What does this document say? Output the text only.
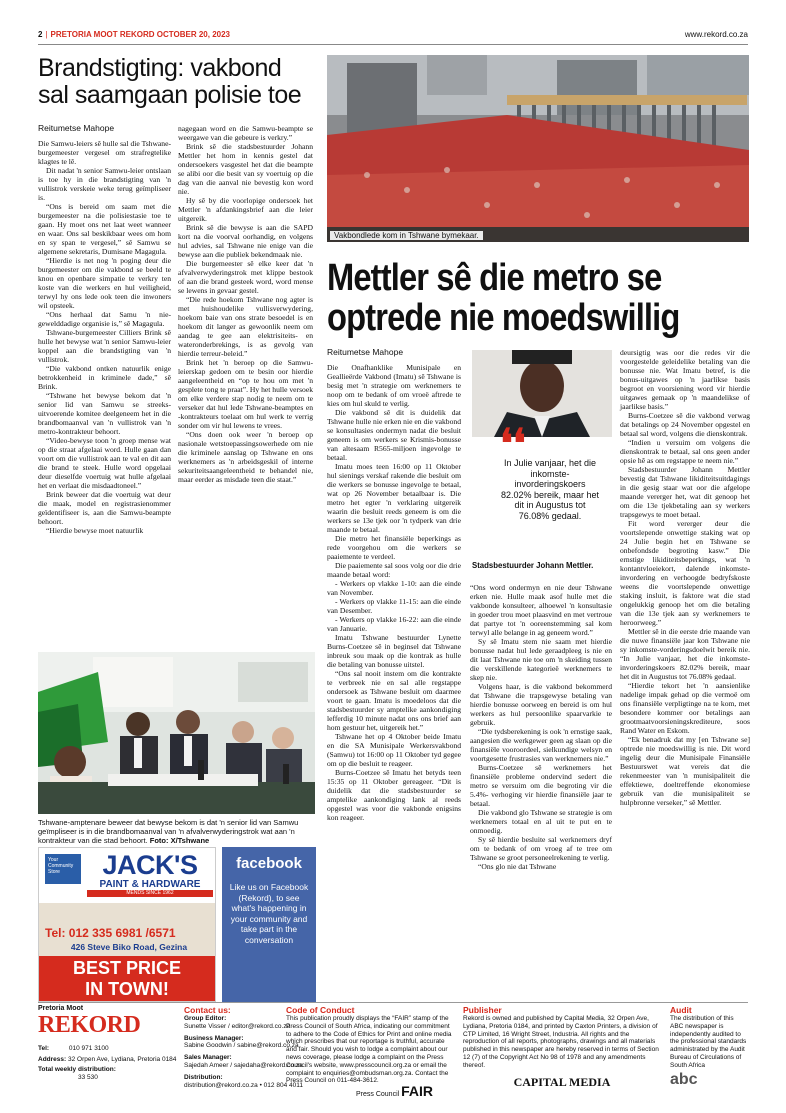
2 | PRETORIA MOOT REKORD OCTOBER 20, 2023	www.rekord.co.za
Brandstigting: vakbond sal saamgaan polisie toe
Reitumetse Mahope

Die Samwu-leiers sê hulle sal die Tshwane-burgemeester vergesel om strafregtelike klagtes te lê.

Dit nadat 'n senior Samwu-leier ontslaan is toe hy in die brandstigting van 'n vullistrok verskeie weke terug geïmpliseer is.

“Ons is bereid om saam met die burgemeester na die polisiestasie toe te gaan. Hy moet ons net laat weet wanneer en waar. Ons sal beskikbaar wees om hom en sy span te vergesel,” sê Samwu se algemene sekretaris, Dumisane Magagula.

“Hierdie is net nog 'n poging deur die burgemeester om die vakbond se beeld te knou en openbare simpatie te verkry ten koste van die werkers en hul veiligheid, terwyl hy ons lede ook teen die inwoners wil opsteek.

“Ons herhaal dat Samu 'n nie-gewelddadige organisie is,” sê Magagula.

Tshwane-burgemeester Cilliers Brink sê hulle het bewyse wat 'n senior Samwu-leier koppel aan die brandstigting van 'n vullistrok.

“Die vakbond ontken natuurlik enige betrokkenheid in kriminele dade,” sê Brink.

“Tshwane het bewyse bekom dat 'n senior lid van Samwu se streeks-uitvoerende komitee deelgeneem het in die brandbomaanval van 'n vullistrok van 'n metro-kontrakteur behoort.

“Video-bewyse toon 'n groep mense wat op die straat afgelaai word. Hulle gaan dan voort om die vullistrok aan te val en dit aan die brand te steek. Hulle word opgelaai deur dieselfde voertuig wat hulle afgelaai het en verlaat die misdaadtoneel.”

Brink beweer dat die voertuig wat deur die maak, model en registrasienommer geïdentifiseer is, aan die Samwu-beampte behoort.

“Hierdie bewyse moet natuurlik

nagegaan word en die Samwu-beampte se weergawe van die gebeure is verkry.”

Brink sê die stadsbestuurder Johann Mettler het hom in kennis gestel dat ondersoekers vasgestel het dat die beampte se alibi oor die besit van sy voertuig op die dag van die aanval nie bevestig kon word nie.

Hy sê by die voorlopige ondersoek het Mettler 'n afdankingsbrief aan die leier uitgereik.

Brink sê die bewyse is aan die SAPD kort na die voorval oorhandig, en volgens hul advies, sal Tshwane nie enige van die bewyse aan die publiek bekendmaak nie.

Die burgemeester sê elke keer dat 'n afvalverwyderingstrok met klippe bestook of aan die brand gesteek word, word mense se lewens in gevaar gestel.

“Die rede hoekom Tshwane nog agter is met huishoudelike vullisverwydering, hoekom baie van ons strate besoedel is en hoekom dit langer as gewoonlik neem om aandag te gee aan elektrisiteits- en wateronderbrekings, is as gevolg van hierdie terreur-beleid.”

Brink het 'n beroep op die Samwu-leierskap gedoen om te besin oor hierdie aangeleentheid en “op te hou om met 'n gesplete tong te praat”. Hy het hulle versoek om elke verdere stap nodig te neem om te verseker dat hul lede Tshwane-beamptes en -kontrakteurs toelaat om hul werk te verrig sonder om vir hul lewens te vrees.

“Ons doen ook weer 'n beroep op nasionale wetstoepassingsowerhede om nie die kriminele aanslag op Tshwane en ons werknemers as 'n arbeidsgeskil of interne sekuriteitsaangeleentheid te behandel nie, maar eerder as misdade teen die staat.”

Tshwane-amptenare beweer dat bewyse bekom is dat 'n senior lid van Samwu geïmpliseer is in die brandbomaanval van 'n afvalverwyderingstrok wat aan 'n kontrakteur van die stad behoort. Foto: X/Tshwane
Your Community Store	JACK'S
PAINT & HARDWARE
MENDS SINCE 1962
Tel: 012 335 6981 /6571
426 Steve Biko Road, Gezina
BEST PRICE
IN TOWN!
facebook
Like us on Facebook (Rekord), to see what's happening in your community and take part in the conversation
Vakbondlede kom in Tshwane bymekaar.
Mettler sê die metro se
optrede nie moedswillig
Reitumetse Mahope

Die Onafhanklike Munisipale en Geallieërde Vakbond (Imatu) sê Tshwane is besig met 'n strategie om werknemers te noop om te bedank of om vroeë aftrede te kies om hul skuld te verlig.

Die vakbond sê dit is duidelik dat Tshwane hulle nie erken nie en die vakbond se konsultasies ondermyn nadat die besluit geneem is om werkers se Krismis-bonusse van altesaam R565-miljoen ingevolge te betaal.

Imatu moes teen 16:00 op 11 Oktober hul sienings verskaf rakende die besluit om die werkers se bonusse ingevolge te betaal, wat op 26 November betaalbaar is. Die metro het egter 'n verklaring uitgereik waarin die besluit reeds geneem is om die werkers se 13e tjek oor 'n tydperk van drie maande te betaal.

Die metro het finansiële beperkings as rede voorgehou om die werkers se paaiemente te verdeel.

Die paaiemente sal soos volg oor die drie maande betaal word:

- Werkers op vlakke 1-10: aan die einde van November.

- Werkers op vlakke 11-15: aan die einde van Desember.

- Werkers op vlakke 16-22: aan die einde van Januarie.

Imatu Tshwane bestuurder Lynette Burns-Coetzee sê in beginsel dat Tshwane inbreuk sou maak op die kontrak as hulle die betaling van bonusse uitstel.

“Ons sal nooit instem om die kontrakte te verbreek nie en sal alle regstappe ondersoek as Tshwane besluit om daarmee voort te gaan. Imatu is moedeloos dat die stadsbestuurder sy amptelike aankondiging lefferdig 10 minute nadat ons ons brief aan hom gestuur het, uitgereik het.”

Tshwane het op 4 Oktober beide Imatu en die SA Munisipale Werkersvakbond (Samwu) tot 16:00 op 11 Oktober tyd gegee om op die besluit te reageer.

Burns-Coetzee sê Imatu het betyds teen 15:35 op 11 Oktober gereageer. “Dit is duidelik dat die stadsbestuurder se amptelike aankondiging lank al reeds opgestel was voor die vakbonde enigsins kon reageer.

❛❛
In Julie vanjaar, het die inkomste-invorderingskoers 82.02% bereik, maar het dit in Augustus tot 76.08% gedaal.
Stadsbestuurder Johann Mettler.

“Ons word ondermyn en nie deur Tshwane erken nie. Hulle maak asof hulle met die vakbonde konsulteer, alhoewel 'n konsultasie in goeder trou moet plaasvind en met vertroue dat partye tot 'n ooreenstemming sal kom terwyl alle belange in ag geneem word.”

Sy sê Imatu stem nie saam met hierdie bonusse nadat hul lede geraadpleeg is nie en dit laat Tshwane nie toe om 'n skeiding tussen die verskillende kategorieë werknemers te skep nie.

Volgens haar, is die vakbond bekommerd dat Tshwane die trapsgewyse betaling van hierdie bonusse oorweeg en bereid is om hul werkers as hul persoonlike spaarvarkie te gebruik.

“Die tydsberekening is ook 'n ernstige saak, aangesien die werkgewer geen ag slaan op die finansiële vooroordeel, sielkundige welsyn en voortgesette frustrasies van werknemers nie.”

Burns-Coetzee sê werknemers het finansiële probleme ondervind sedert die metro se versuim om die begroting vir die 5.4%- verhoging vir hierdie finansiële jaar te betaal.

Die vakbond glo Tshwane se strategie is om werknemers totaal en al uit te put en te onmoedig.

Sy sê hierdie besluite sal werknemers dryf om te bedank of om vroeg af te tree om Tshwane se groot personeelrekening te verlig.

“Ons glo nie dat Tshwane

deursigtig was oor die redes vir die voorgestelde geleidelike betaling van die bonusse nie. Wat Imatu betref, is die bonus-uitgawes op 'n jaarlikse basis begroot en voorsiening word vir hierdie uitgawes gemaak op 'n maandelikse of jaarlikse basis.”

Burns-Coetzee sê die vakbond verwag dat betalings op 24 November opgestel en betaal sal word, volgens die dienskontrak.

“Indien u versuim om volgens die dienskontrak te betaal, sal ons geen ander opsie hê as om regstappe te neem nie.”

Stadsbestuurder Johann Mettler bevestig dat Tshwane likiditeitsuitdagings in die gesig staar wat oor die afgelope maande vererger het, wat dit genoop het om die 13e tjekbetaling aan sy werkers trapsgewys te moet betaal.

Fit word vererger deur die voortslepende onwettige staking wat op 24 Julie begin het en Tshwane se onbefondsde begroting kasw.” Die ernstige likiditeitsbeperkings, wat 'n kontantvloeiekort, dalende inkomste-invordering en verhoogde bedryfskoste weens die voortslepende onwettige staking insluit, is faktore wat die stad ongelukkig genoop het om die betaling van die 13e tjek aan sy werknemers te heroorweeg.”

Mettler sê in die eerste drie maande van die nuwe finansiële jaar kon Tshwane nie sy inkomste-vorderingsdoelwit bereik nie. “In Julie vanjaar, het die inkomste-invorderingskoers 82.02% bereik, maar het dit in Augustus tot 76.08% gedaal.

“Hierdie tekort het 'n aansienlike nadelige impak gehad op die vermoë om ons finansiële verpligtinge na te kom, met besondere kommer oor betalings aan grootmaatvoorsieningskrediteure, soos Rand Water en Eskom.

“Ek benadruk dat my [en Tshwane se] optrede nie moedswillig is nie. Dit word ingelig deur die Munisipale Finansiële Bestuurswet wat vereis dat die rekenmeester van 'n munisipaliteit die effektiewe, doeltreffende ekonomiese gebruik van die munisipaliteit se hulpbronne verseker,” sê Mettler.

Pretoria Moot
REKORD
Tel:	010 971 3100
Address: 32 Orpen Ave, Lydiana, Pretoria 0184
Total weekly distribution:
33 530
Contact us:
Group Editor:
Sunette Visser / editor@rekord.co.za
Business Manager:
Sabine Goodwin / sabine@rekord.co.za
Sales Manager:
Sajedah Ameer / sajedaha@rekord.co.za
Distribution:
distribution@rekord.co.za • 012 804 4011
Code of Conduct
This publication proudly displays the “FAIR” stamp of the Press Council of South Africa, indicating our commitment to adhere to the Code of Ethics for Print and online media which prescribes that our reportage is truthful, accurate and fair. Should you wish to lodge a complaint about our news coverage, please lodge a complaint on the Press Council's website, www.presscouncil.org.za or email the complaint to enquiries@ombudsman.org.za. Contact the Press Council on 011-484-3612.
Press Council FAIR
Publisher
Rekord is owned and published by Capital Media, 32 Orpen Ave, Lydiana, Pretoria 0184, and printed by Caxton Printers, a division of CTP Limited, 16 Wright Street, Industria. All rights and the reproduction of all reports, photographs, drawings and all materials published in this newspaper are hereby reserved in terms of Section 12 (7) of the Copyright Act No 98 of 1978 and any amendments thereof.
CAPITAL MEDIA
Audit
The distribution of this ABC newspaper is independently audited to the professional standards administrated by the Audit Bureau of Circulations of South Africa
abc
